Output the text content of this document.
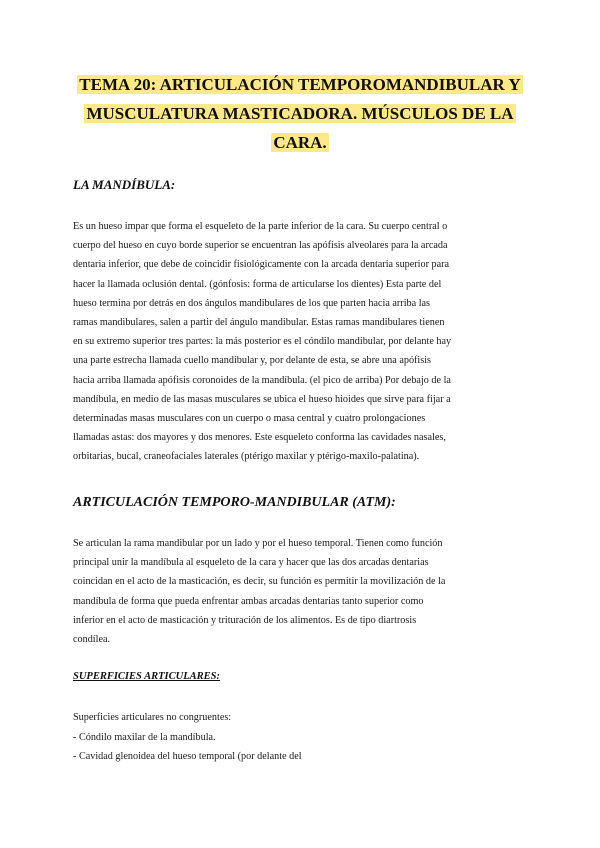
TEMA 20: ARTICULACIÓN TEMPOROMANDIBULAR Y
MUSCULATURA MASTICADORA. MÚSCULOS DE LA
CARA.
LA MANDÍBULA:
Es un hueso impar que forma el esqueleto de la parte inferior de la cara. Su cuerpo central o
cuerpo del hueso en cuyo borde superior se encuentran las apófisis alveolares para la arcada
dentaria inferior, que debe de coincidir fisiológicamente con la arcada dentaria superior para
hacer la llamada oclusión dental. (gónfosis: forma de articularse los dientes) Esta parte del
hueso termina por detrás en dos ángulos mandibulares de los que parten hacia arriba las
ramas mandibulares, salen a partir del ángulo mandibular. Estas ramas mandibulares tienen
en su extremo superior tres partes: la más posterior es el cóndilo mandibular, por delante hay
una parte estrecha llamada cuello mandibular y, por delante de esta, se abre una apófisis
hacia arriba llamada apófisis coronoides de la mandíbula. (el pico de arriba) Por debajo de la
mandíbula, en medio de las masas musculares se ubica el hueso hioides que sirve para fijar a
determinadas masas musculares con un cuerpo o masa central y cuatro prolongaciones
llamadas astas: dos mayores y dos menores. Este esqueleto conforma las cavidades nasales,
orbitarias, bucal, craneofaciales laterales (ptérigo maxilar y ptérigo-maxilo-palatina).
ARTICULACIÓN TEMPORO-MANDIBULAR (ATM):
Se articulan la rama mandibular por un lado y por el hueso temporal. Tienen como función
principal unir la mandíbula al esqueleto de la cara y hacer que las dos arcadas dentarias
coincidan en el acto de la masticación, es decir, su función es permitir la movilización de la
mandíbula de forma que pueda enfrentar ambas arcadas dentarias tanto superior como
inferior en el acto de masticación y trituración de los alimentos. Es de tipo diartrosis
condílea.
SUPERFICIES ARTICULARES:
Superficies articulares no congruentes:
- Cóndilo maxilar de la mandíbula.
- Cavidad glenoidea del hueso temporal (por delante del
